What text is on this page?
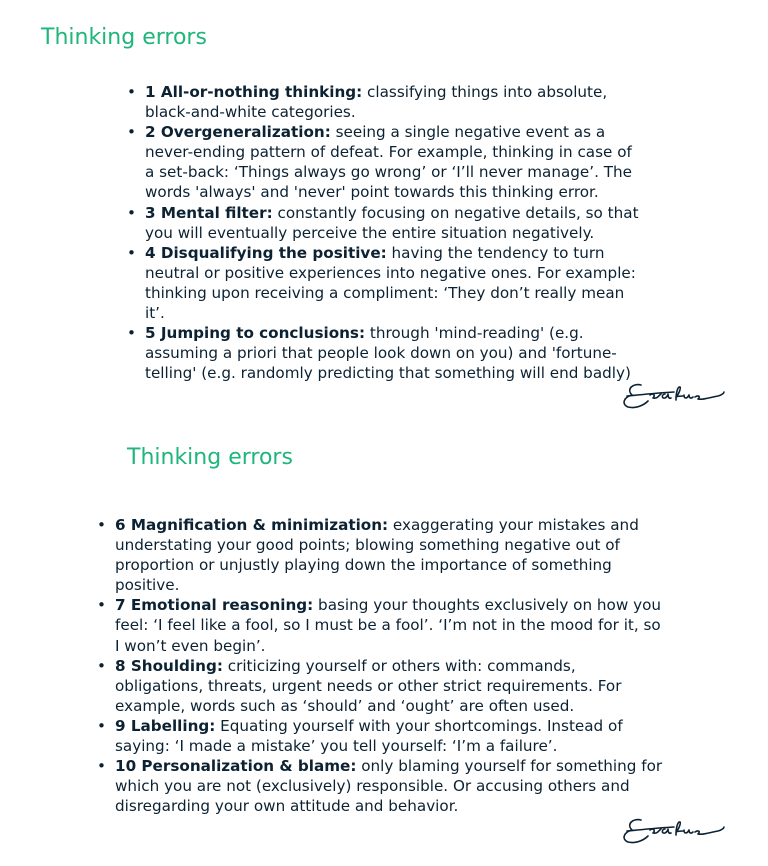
Thinking errors
• 1 All-or-nothing thinking: classifying things into absolute, black-and-white categories.
• 2 Overgeneralization: seeing a single negative event as a never-ending pattern of defeat. For example, thinking in case of a set-back: ‘Things always go wrong’ or ‘I’ll never manage’. The words 'always' and 'never' point towards this thinking error.
• 3 Mental filter: constantly focusing on negative details, so that you will eventually perceive the entire situation negatively.
• 4 Disqualifying the positive: having the tendency to turn neutral or positive experiences into negative ones. For example: thinking upon receiving a compliment: ‘They don’t really mean it’.
• 5 Jumping to conclusions: through 'mind-reading' (e.g. assuming a priori that people look down on you) and 'fortune-telling' (e.g. randomly predicting that something will end badly)
Thinking errors
• 6 Magnification & minimization: exaggerating your mistakes and understating your good points; blowing something negative out of proportion or unjustly playing down the importance of something positive.
• 7 Emotional reasoning: basing your thoughts exclusively on how you feel: ‘I feel like a fool, so I must be a fool’. ‘I’m not in the mood for it, so I won’t even begin’.
• 8 Shoulding: criticizing yourself or others with: commands, obligations, threats, urgent needs or other strict requirements. For example, words such as ‘should’ and ‘ought’ are often used.
• 9 Labelling: Equating yourself with your shortcomings. Instead of saying: ‘I made a mistake’ you tell yourself: ‘I’m a failure’.
• 10 Personalization & blame: only blaming yourself for something for which you are not (exclusively) responsible. Or accusing others and disregarding your own attitude and behavior.
